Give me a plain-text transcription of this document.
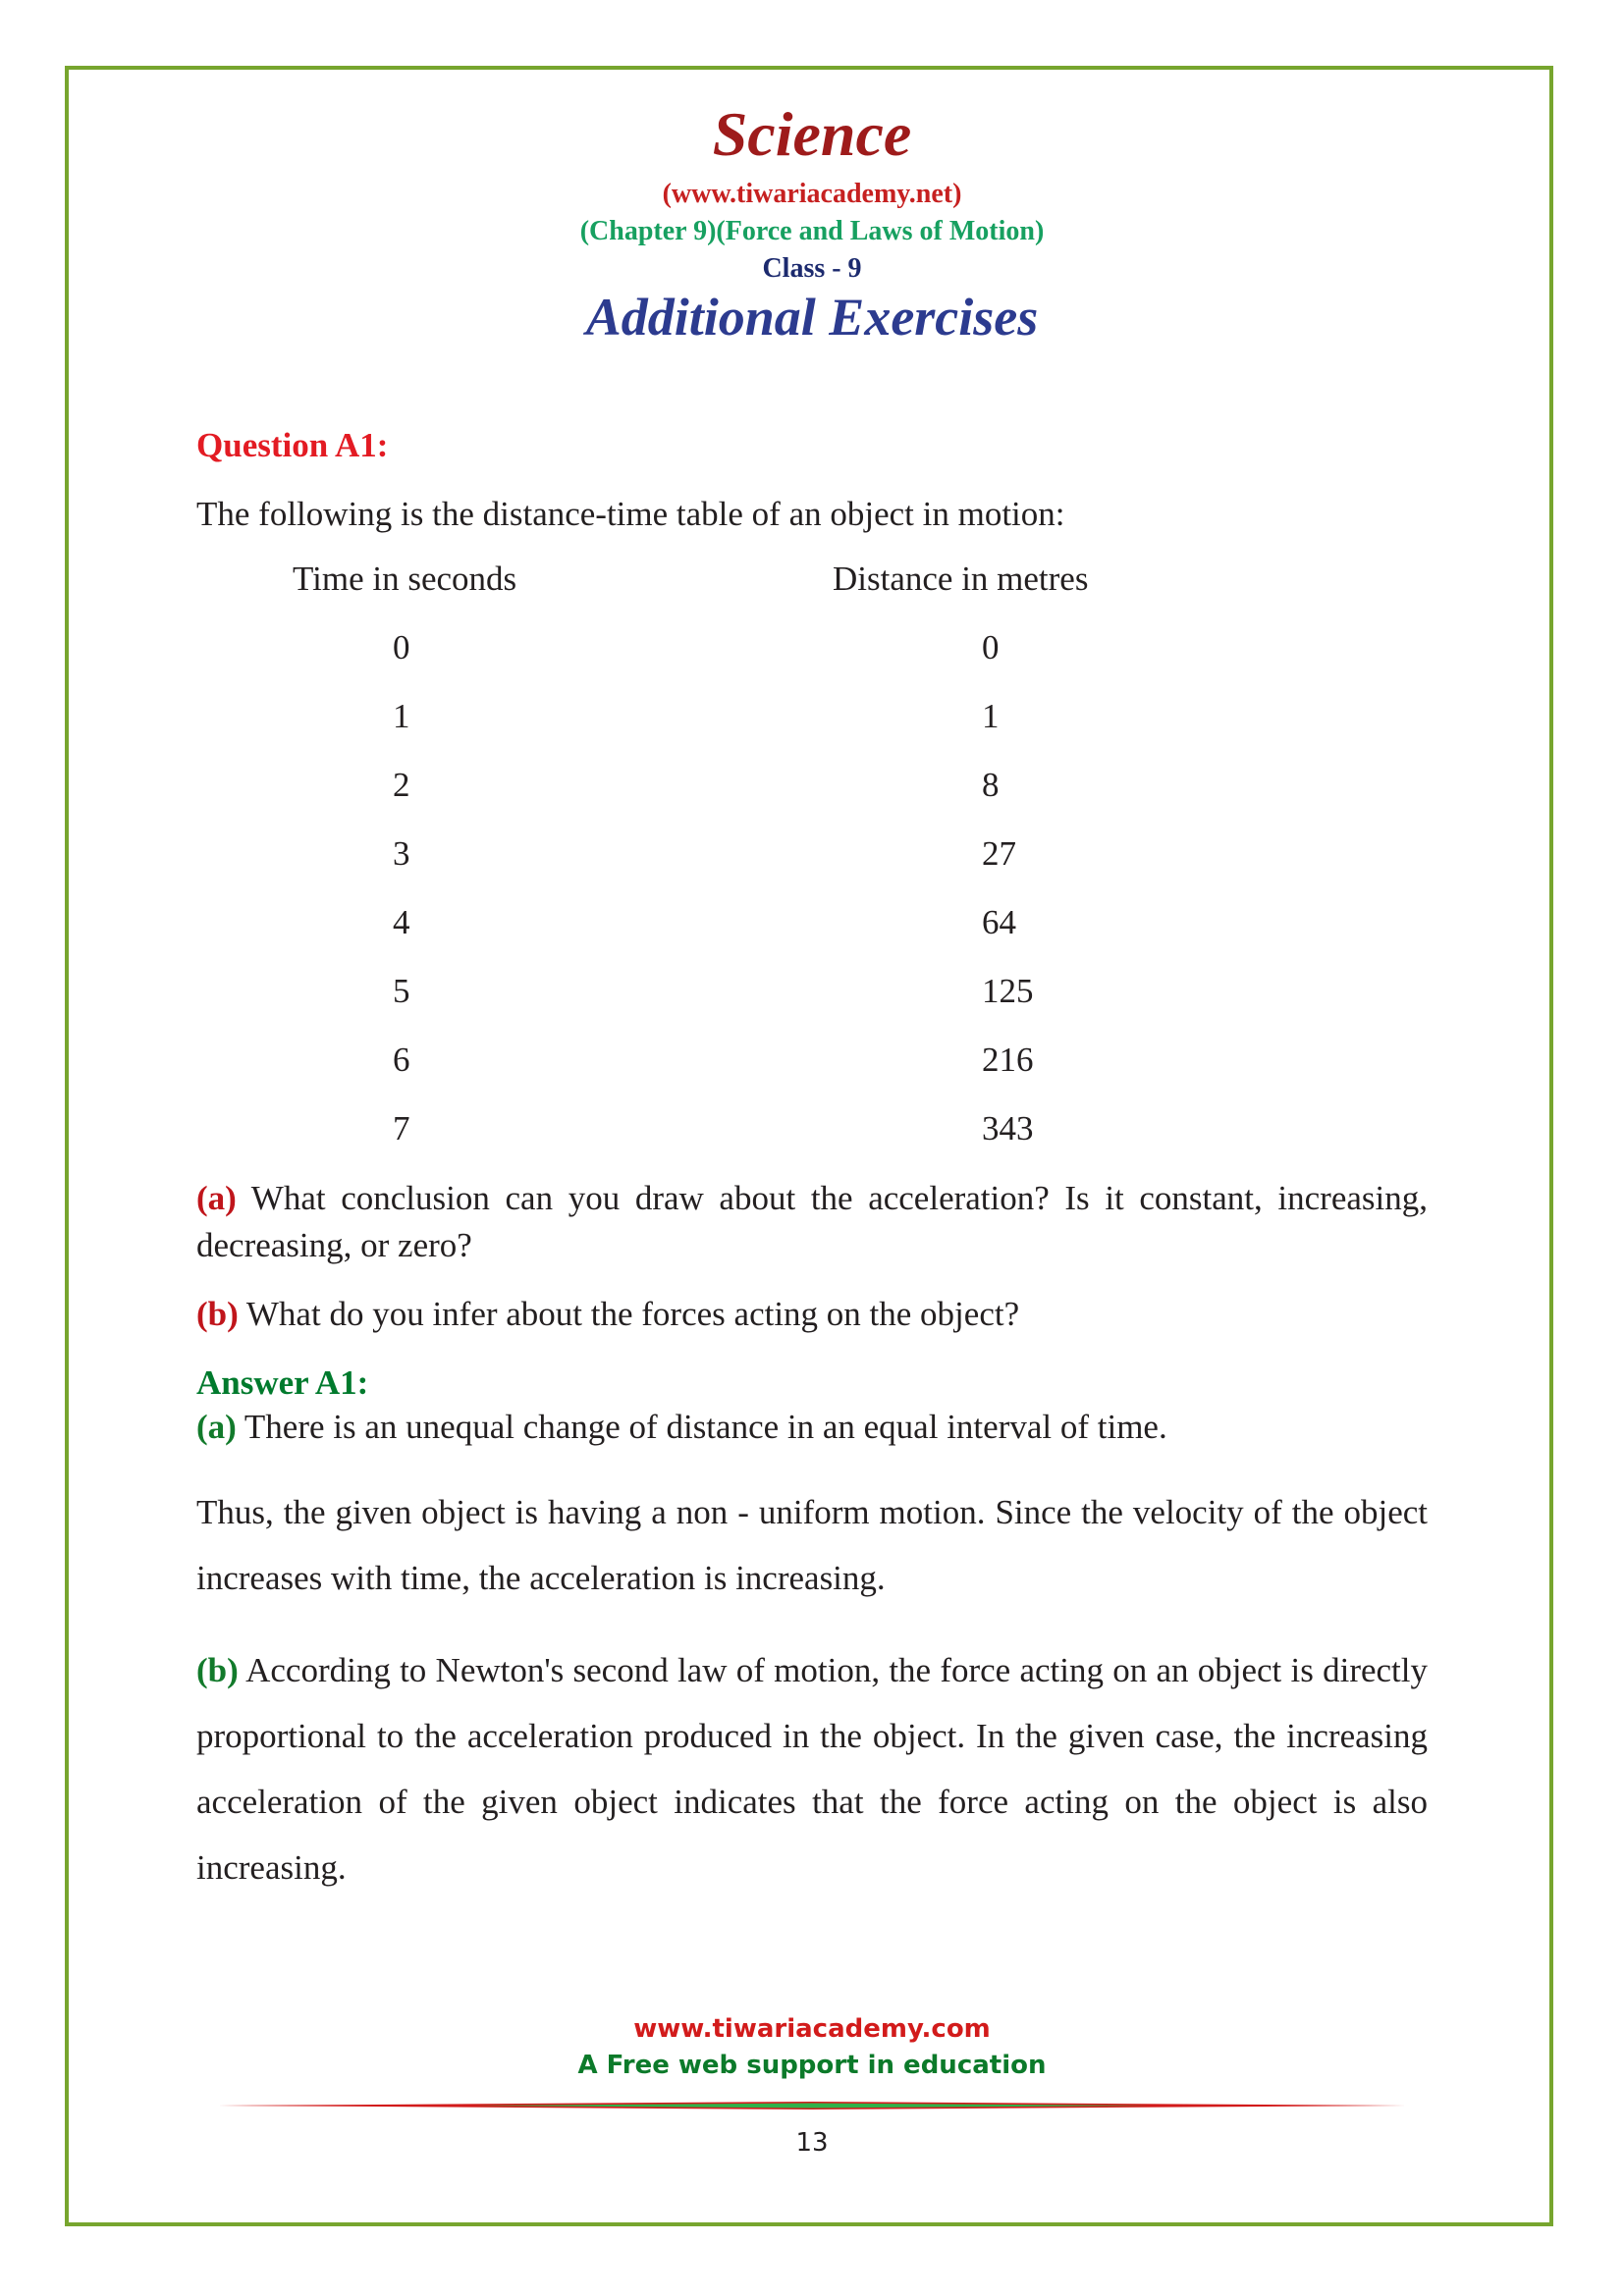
Science
(www.tiwariacademy.net)
(Chapter 9)(Force and Laws of Motion)
Class - 9
Additional Exercises
Question A1:
The following is the distance-time table of an object in motion:
Time in seconds	Distance in metres
0	0
1	1
2	8
3	27
4	64
5	125
6	216
7	343
(a) What conclusion can you draw about the acceleration? Is it constant, increasing, decreasing, or zero?
(b) What do you infer about the forces acting on the object?
Answer A1:
(a) There is an unequal change of distance in an equal interval of time.
Thus, the given object is having a non - uniform motion. Since the velocity of the object increases with time, the acceleration is increasing.
(b) According to Newton's second law of motion, the force acting on an object is directly proportional to the acceleration produced in the object. In the given case, the increasing acceleration of the given object indicates that the force acting on the object is also increasing.
www.tiwariacademy.com
A Free web support in education
13
